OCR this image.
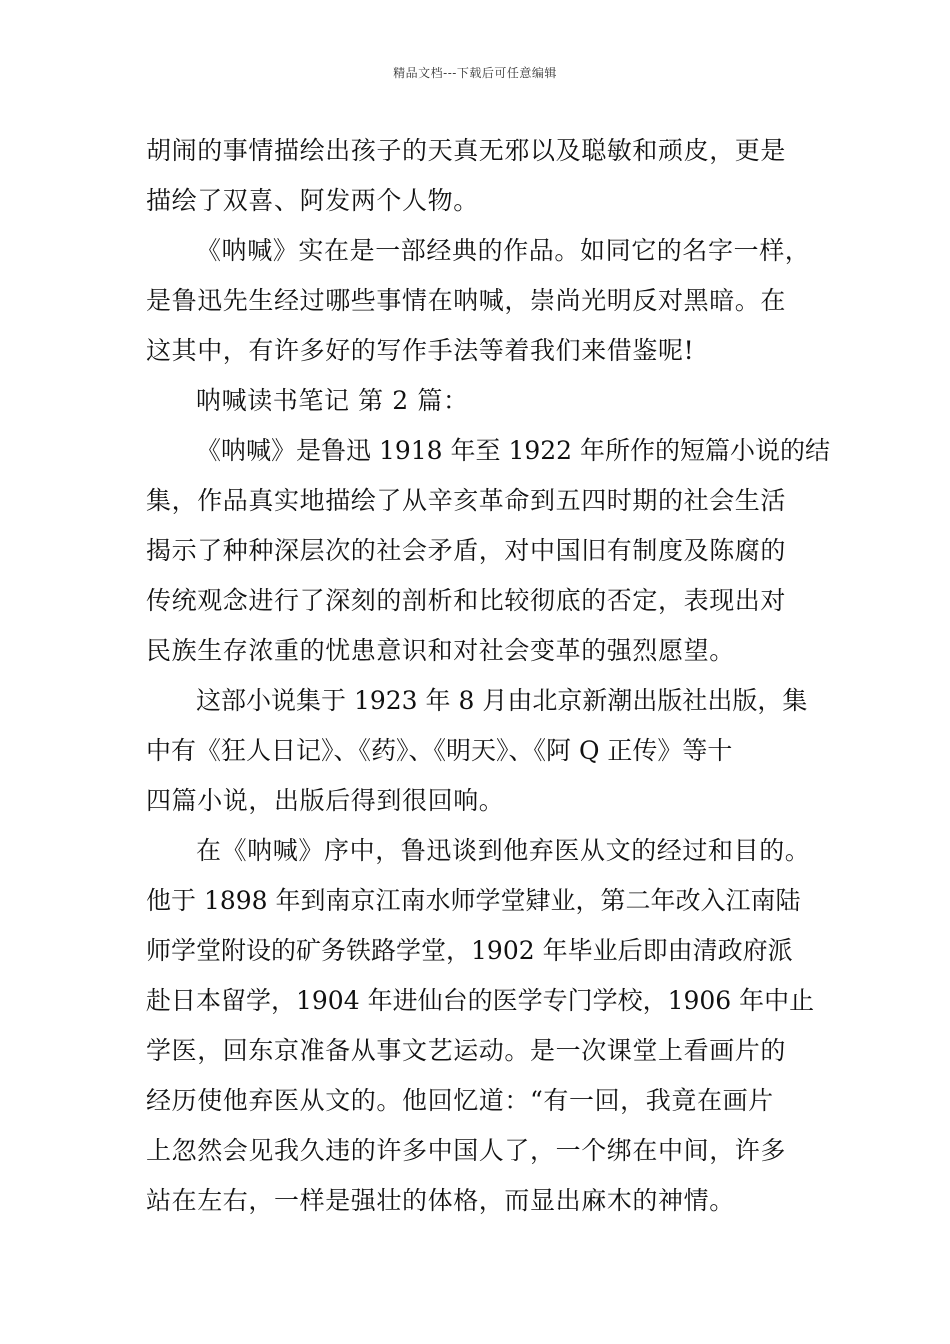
精品文档---下载后可任意编辑
胡闹的事情描绘出孩子的天真无邪以及聪敏和顽皮，更是
描绘了双喜、阿发两个人物。
《呐喊》实在是一部经典的作品。如同它的名字一样，
是鲁迅先生经过哪些事情在呐喊，崇尚光明反对黑暗。在
这其中，有许多好的写作手法等着我们来借鉴呢!
呐喊读书笔记 第 2 篇：
《呐喊》是鲁迅 1918 年至 1922 年所作的短篇小说的结
集，作品真实地描绘了从辛亥革命到五四时期的社会生活
揭示了种种深层次的社会矛盾，对中国旧有制度及陈腐的
传统观念进行了深刻的剖析和比较彻底的否定，表现出对
民族生存浓重的忧患意识和对社会变革的强烈愿望。
这部小说集于 1923 年 8 月由北京新潮出版社出版，集
中有《狂人日记》、《药》、《明天》、《阿 Q 正传》等十
四篇小说，出版后得到很回响。
在《呐喊》序中，鲁迅谈到他弃医从文的经过和目的。
他于 1898 年到南京江南水师学堂肄业，第二年改入江南陆
师学堂附设的矿务铁路学堂，1902 年毕业后即由清政府派
赴日本留学，1904 年进仙台的医学专门学校，1906 年中止
学医，回东京准备从事文艺运动。是一次课堂上看画片的
经历使他弃医从文的。他回忆道：“有一回，我竟在画片
上忽然会见我久违的许多中国人了，一个绑在中间，许多
站在左右，一样是强壮的体格，而显出麻木的神情。
